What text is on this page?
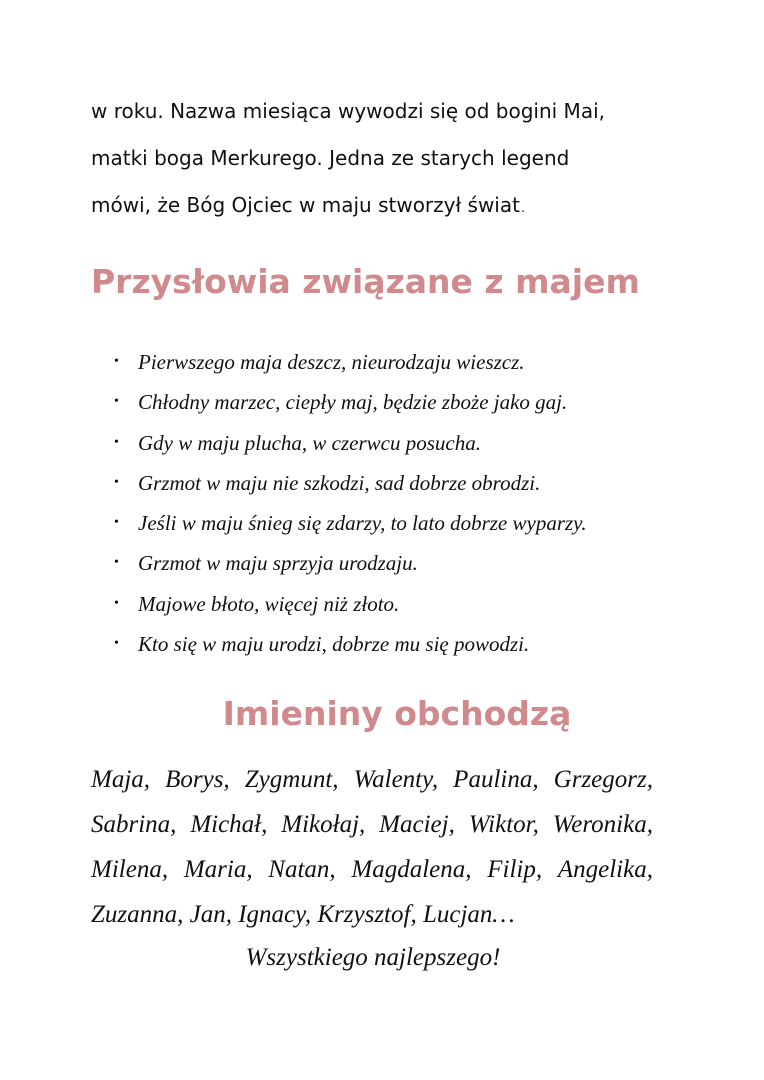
w roku. Nazwa miesiąca wywodzi się od bogini Mai,
matki boga Merkurego. Jedna ze starych legend
mówi, że Bóg Ojciec w maju stworzył świat.
Przysłowia związane z majem
• Pierwszego maja deszcz, nieurodzaju wieszcz.
• Chłodny marzec, ciepły maj, będzie zboże jako gaj.
• Gdy w maju plucha, w czerwcu posucha.
• Grzmot w maju nie szkodzi, sad dobrze obrodzi.
• Jeśli w maju śnieg się zdarzy, to lato dobrze wyparzy.
• Grzmot w maju sprzyja urodzaju.
• Majowe błoto, więcej niż złoto.
• Kto się w maju urodzi, dobrze mu się powodzi.
Imieniny obchodzą
Maja, Borys, Zygmunt, Walenty, Paulina, Grzegorz,
Sabrina, Michał, Mikołaj, Maciej, Wiktor, Weronika,
Milena, Maria, Natan, Magdalena, Filip, Angelika,
Zuzanna, Jan, Ignacy, Krzysztof, Lucjan…
Wszystkiego najlepszego!
